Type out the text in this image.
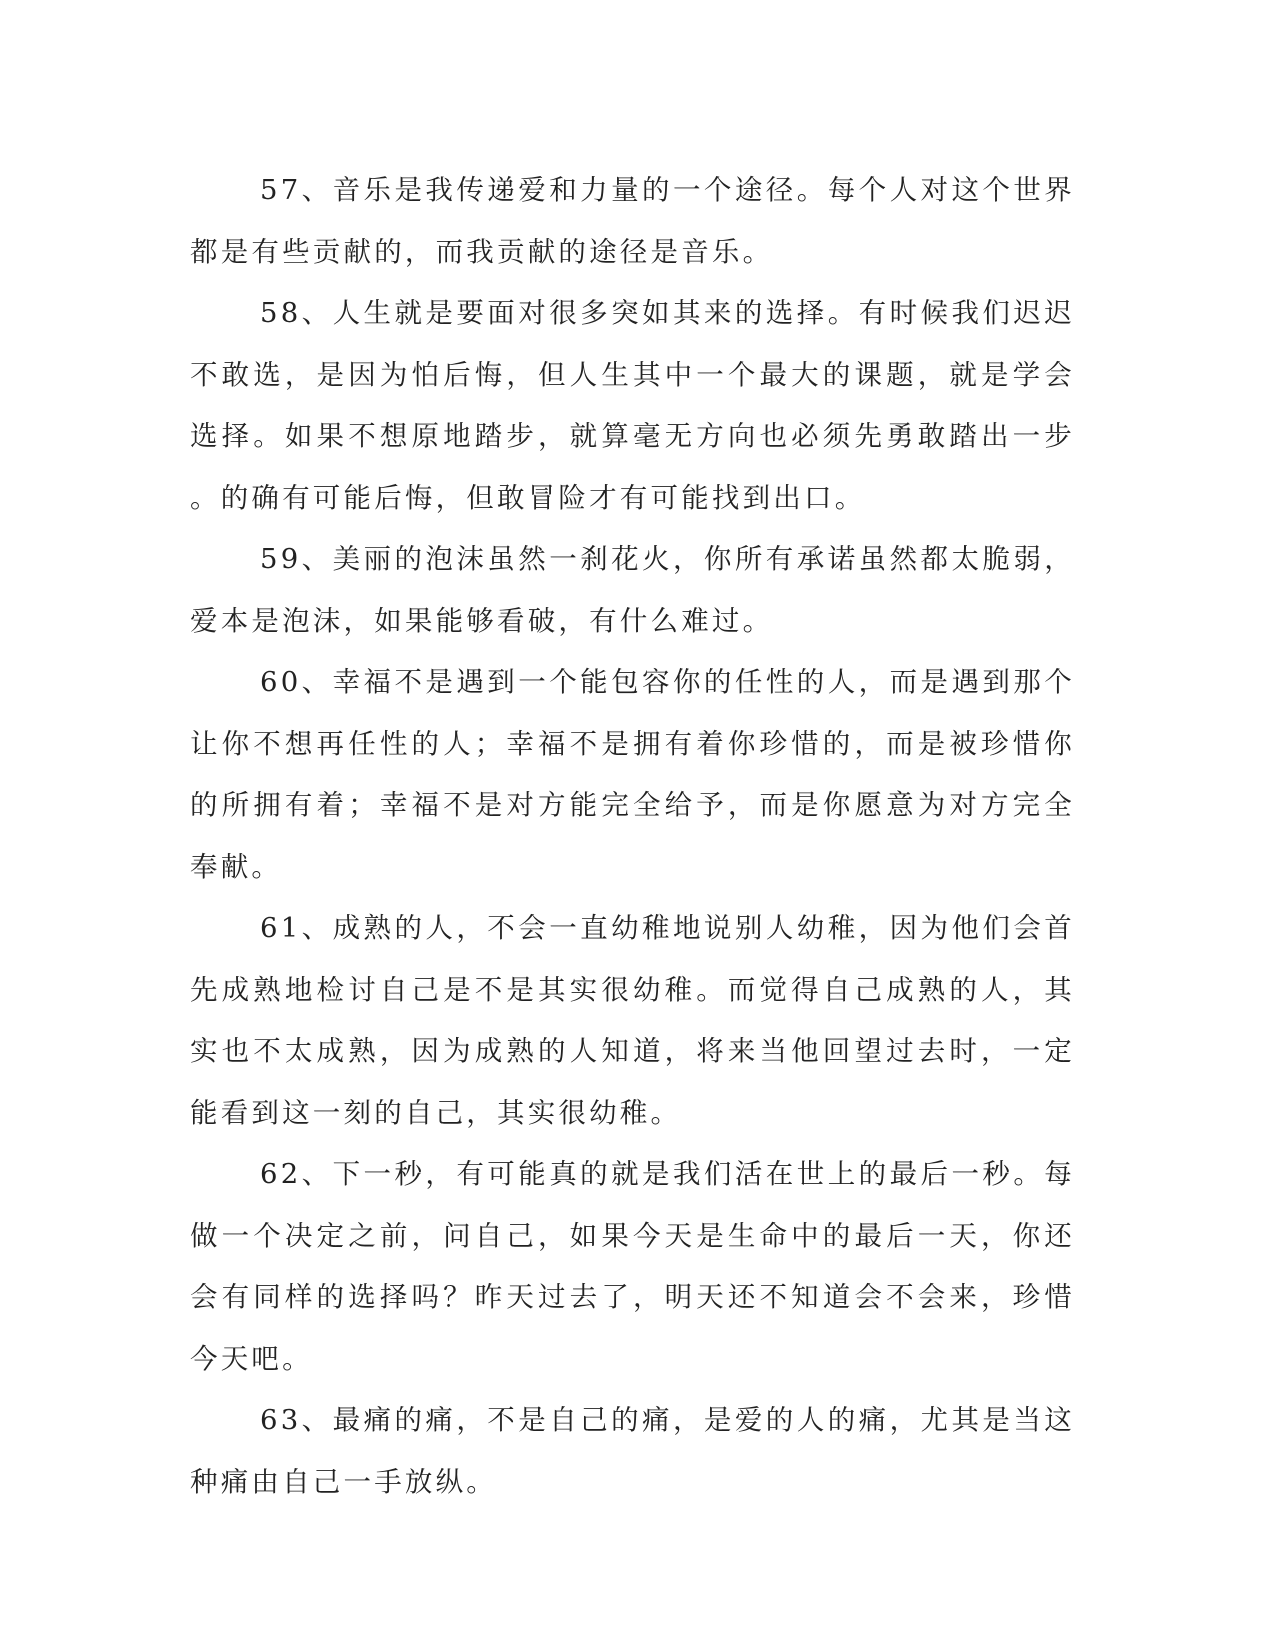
57、音乐是我传递爱和力量的一个途径。每个人对这个世界都是有些贡献的，而我贡献的途径是音乐。

58、人生就是要面对很多突如其来的选择。有时候我们迟迟不敢选，是因为怕后悔，但人生其中一个最大的课题，就是学会选择。如果不想原地踏步，就算毫无方向也必须先勇敢踏出一步。的确有可能后悔，但敢冒险才有可能找到出口。

59、美丽的泡沫虽然一刹花火，你所有承诺虽然都太脆弱，爱本是泡沫，如果能够看破，有什么难过。

60、幸福不是遇到一个能包容你的任性的人，而是遇到那个让你不想再任性的人；幸福不是拥有着你珍惜的，而是被珍惜你的所拥有着；幸福不是对方能完全给予，而是你愿意为对方完全奉献。

61、成熟的人，不会一直幼稚地说别人幼稚，因为他们会首先成熟地检讨自己是不是其实很幼稚。而觉得自己成熟的人，其实也不太成熟，因为成熟的人知道，将来当他回望过去时，一定能看到这一刻的自己，其实很幼稚。

62、下一秒，有可能真的就是我们活在世上的最后一秒。每做一个决定之前，问自己，如果今天是生命中的最后一天，你还会有同样的选择吗？昨天过去了，明天还不知道会不会来，珍惜今天吧。

63、最痛的痛，不是自己的痛，是爱的人的痛，尤其是当这种痛由自己一手放纵。
